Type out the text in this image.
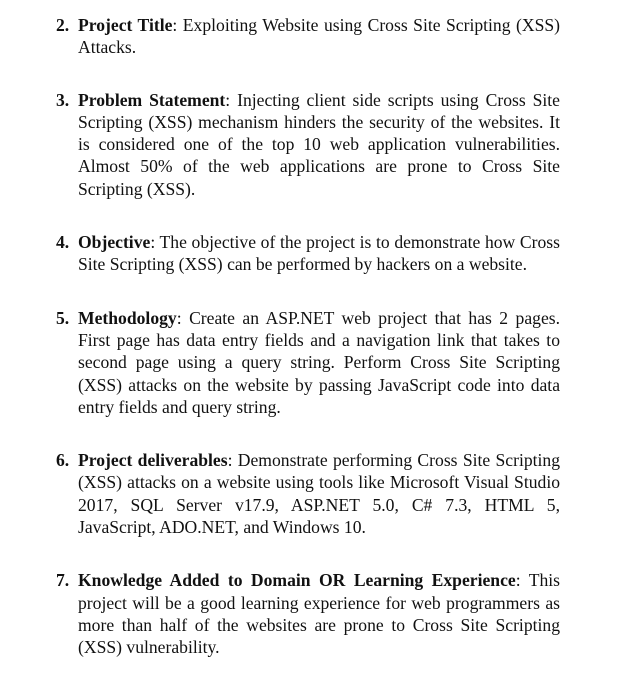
2. Project Title: Exploiting Website using Cross Site Scripting (XSS) Attacks.
3. Problem Statement: Injecting client side scripts using Cross Site Scripting (XSS) mechanism hinders the security of the websites. It is considered one of the top 10 web application vulnerabilities. Almost 50% of the web applications are prone to Cross Site Scripting (XSS).
4. Objective: The objective of the project is to demonstrate how Cross Site Scripting (XSS) can be performed by hackers on a website.
5. Methodology: Create an ASP.NET web project that has 2 pages. First page has data entry fields and a navigation link that takes to second page using a query string. Perform Cross Site Scripting (XSS) attacks on the website by passing JavaScript code into data entry fields and query string.
6. Project deliverables: Demonstrate performing Cross Site Scripting (XSS) attacks on a website using tools like Microsoft Visual Studio 2017, SQL Server v17.9, ASP.NET 5.0, C# 7.3, HTML 5, JavaScript, ADO.NET, and Windows 10.
7. Knowledge Added to Domain OR Learning Experience: This project will be a good learning experience for web programmers as more than half of the websites are prone to Cross Site Scripting (XSS) vulnerability.
